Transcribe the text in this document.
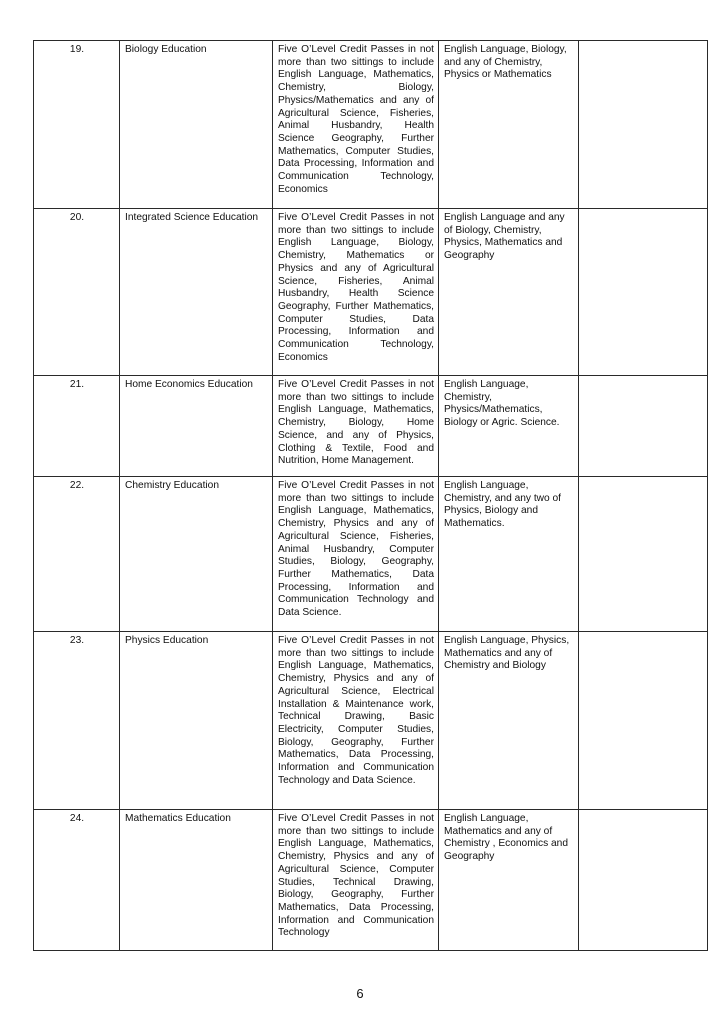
19.	Biology Education	Five O’Level Credit Passes in not more than two sittings to include English Language, Mathematics, Chemistry, Biology, Physics/Mathematics and any of Agricultural Science, Fisheries, Animal Husbandry, Health Science Geography, Further Mathematics, Computer Studies, Data Processing, Information and Communication Technology, Economics	English Language, Biology, and any of Chemistry, Physics or Mathematics	
20.	Integrated Science Education	Five O’Level Credit Passes in not more than two sittings to include English Language, Biology, Chemistry, Mathematics or Physics and any of Agricultural Science, Fisheries, Animal Husbandry, Health Science Geography, Further Mathematics, Computer Studies, Data Processing, Information and Communication Technology, Economics	English Language and any of Biology, Chemistry, Physics, Mathematics and Geography	
21.	Home Economics Education	Five O’Level Credit Passes in not more than two sittings to include English Language, Mathematics, Chemistry, Biology, Home Science, and any of Physics, Clothing & Textile, Food and Nutrition, Home Management.	English Language, Chemistry, Physics/Mathematics, Biology or Agric. Science.	
22.	Chemistry Education	Five O’Level Credit Passes in not more than two sittings to include English Language, Mathematics, Chemistry, Physics and any of Agricultural Science, Fisheries, Animal Husbandry, Computer Studies, Biology, Geography, Further Mathematics, Data Processing, Information and Communication Technology and Data Science.	English Language, Chemistry, and any two of Physics, Biology and Mathematics.	
23.	Physics Education	Five O’Level Credit Passes in not more than two sittings to include English Language, Mathematics, Chemistry, Physics and any of Agricultural Science, Electrical Installation & Maintenance work, Technical Drawing, Basic Electricity, Computer Studies, Biology, Geography, Further Mathematics, Data Processing, Information and Communication Technology and Data Science.	English Language, Physics, Mathematics and any of Chemistry and Biology	
24.	Mathematics Education	Five O’Level Credit Passes in not more than two sittings to include English Language, Mathematics, Chemistry, Physics and any of Agricultural Science, Computer Studies, Technical Drawing, Biology, Geography, Further Mathematics, Data Processing, Information and Communication Technology	English Language, Mathematics and any of Chemistry , Economics and Geography	
6
